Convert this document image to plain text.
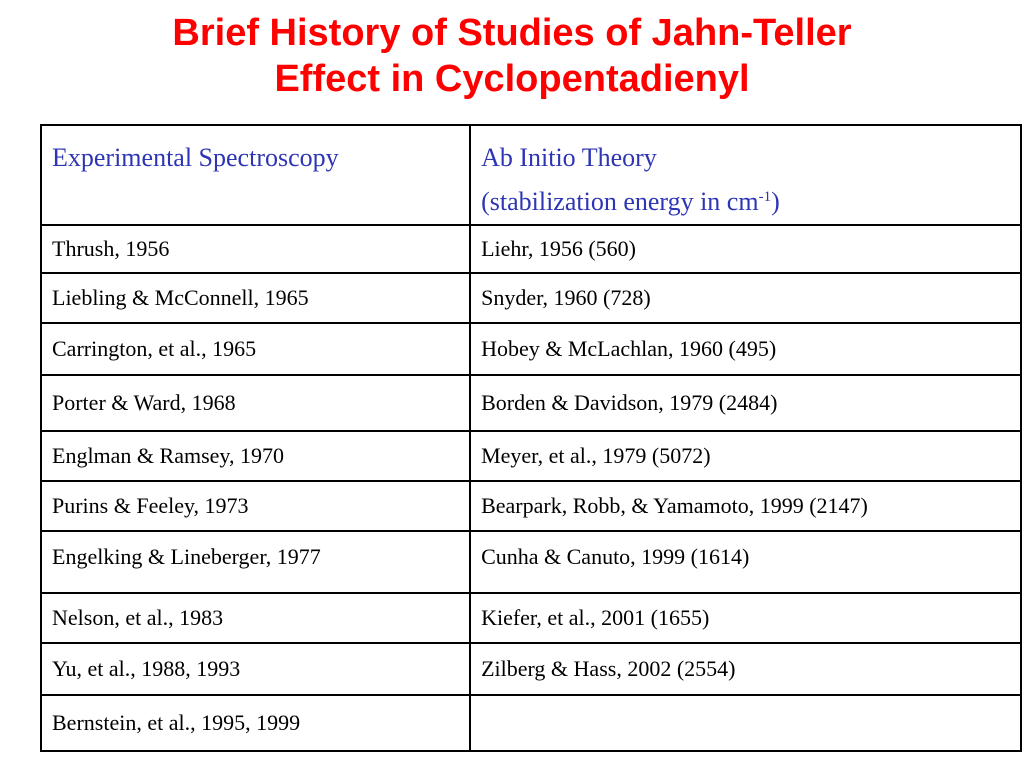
Brief History of Studies of Jahn-Teller
Effect in Cyclopentadienyl
Experimental Spectroscopy	Ab Initio Theory
(stabilization energy in $cm^{-1}$)

Thrush, 1956	Liehr, 1956 (560)
Liebling & McConnell, 1965	Snyder, 1960 (728)
Carrington, et al., 1965	Hobey & McLachlan, 1960 (495)
Porter & Ward, 1968	Borden & Davidson, 1979 (2484)
Englman & Ramsey, 1970	Meyer, et al., 1979 (5072)
Purins & Feeley, 1973	Bearpark, Robb, & Yamamoto, 1999 (2147)
Engelking & Lineberger, 1977	Cunha & Canuto, 1999 (1614)
Nelson, et al., 1983	Kiefer, et al., 2001 (1655)
Yu, et al., 1988, 1993	Zilberg & Hass, 2002 (2554)
Bernstein, et al., 1995, 1999	
